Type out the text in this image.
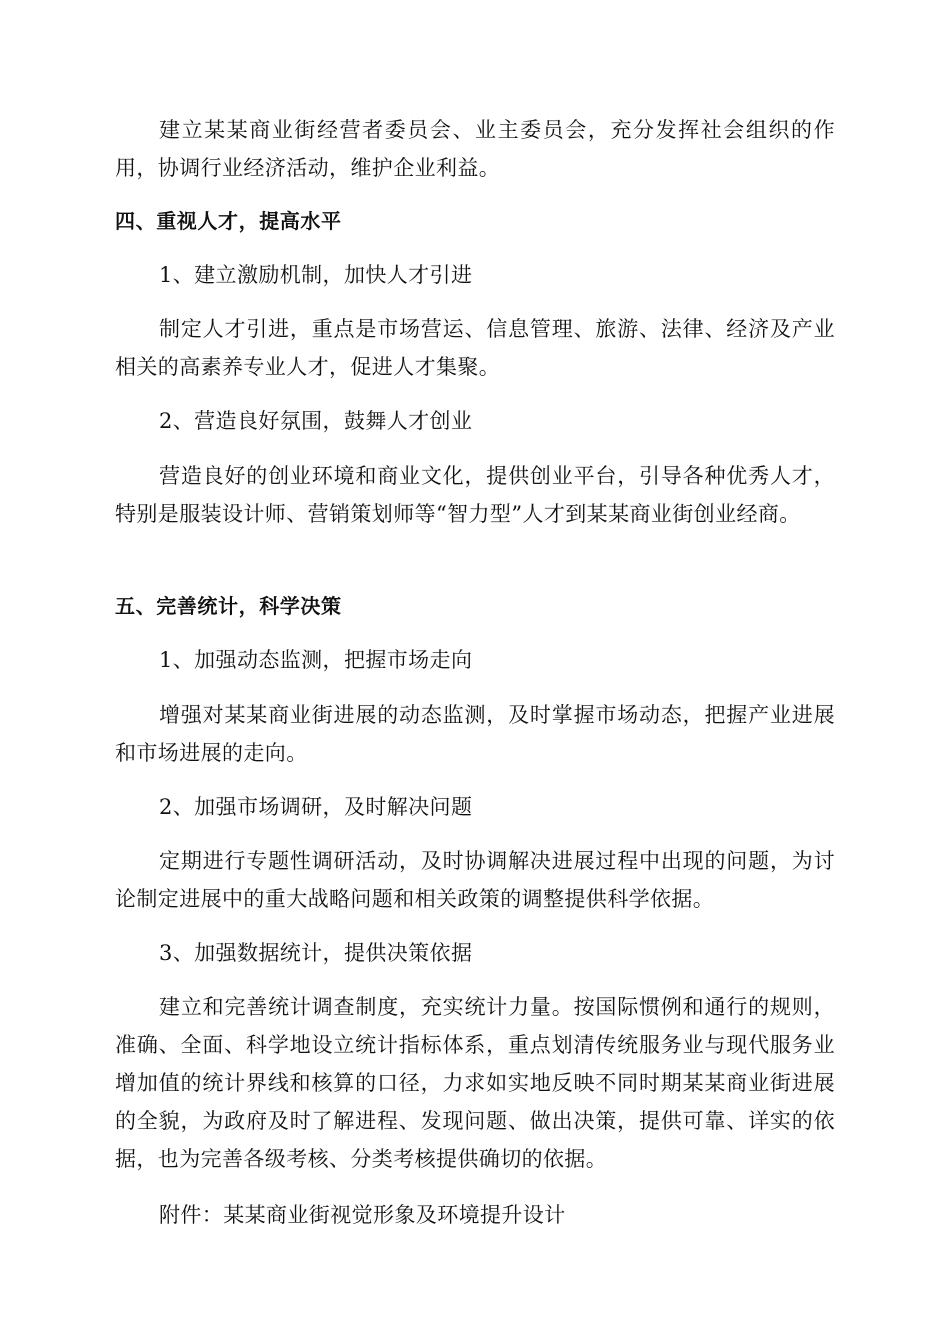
建立某某商业街经营者委员会、业主委员会，充分发挥社会组织的作用，协调行业经济活动，维护企业利益。
四、重视人才，提高水平
1、建立激励机制，加快人才引进
制定人才引进，重点是市场营运、信息管理、旅游、法律、经济及产业相关的高素养专业人才，促进人才集聚。
2、营造良好氛围，鼓舞人才创业
营造良好的创业环境和商业文化，提供创业平台，引导各种优秀人才，特别是服装设计师、营销策划师等“智力型”人才到某某商业街创业经商。
五、完善统计，科学决策
1、加强动态监测，把握市场走向
增强对某某商业街进展的动态监测，及时掌握市场动态，把握产业进展和市场进展的走向。
2、加强市场调研，及时解决问题
定期进行专题性调研活动，及时协调解决进展过程中出现的问题，为讨论制定进展中的重大战略问题和相关政策的调整提供科学依据。
3、加强数据统计，提供决策依据
建立和完善统计调查制度，充实统计力量。按国际惯例和通行的规则，准确、全面、科学地设立统计指标体系，重点划清传统服务业与现代服务业增加值的统计界线和核算的口径，力求如实地反映不同时期某某商业街进展的全貌，为政府及时了解进程、发现问题、做出决策，提供可靠、详实的依据，也为完善各级考核、分类考核提供确切的依据。
附件：某某商业街视觉形象及环境提升设计
